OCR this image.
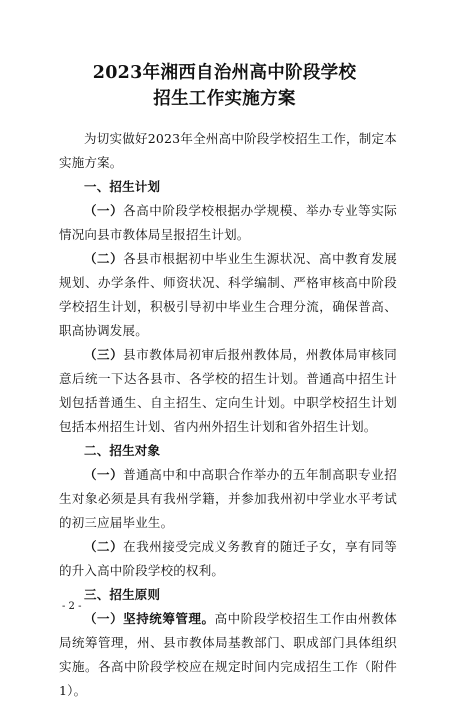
2023年湘西自治州高中阶段学校
招生工作实施方案

为切实做好2023年全州高中阶段学校招生工作，制定本实施方案。

一、招生计划

（一）各高中阶段学校根据办学规模、举办专业等实际情况向县市教体局呈报招生计划。

（二）各县市根据初中毕业生生源状况、高中教育发展规划、办学条件、师资状况、科学编制、严格审核高中阶段学校招生计划，积极引导初中毕业生合理分流，确保普高、职高协调发展。

（三）县市教体局初审后报州教体局，州教体局审核同意后统一下达各县市、各学校的招生计划。普通高中招生计划包括普通生、自主招生、定向生计划。中职学校招生计划包括本州招生计划、省内州外招生计划和省外招生计划。

二、招生对象

（一）普通高中和中高职合作举办的五年制高职专业招生对象必须是具有我州学籍，并参加我州初中学业水平考试的初三应届毕业生。

（二）在我州接受完成义务教育的随迁子女，享有同等的升入高中阶段学校的权利。

三、招生原则

（一）坚持统筹管理。高中阶段学校招生工作由州教体局统筹管理，州、县市教体局基教部门、职成部门具体组织实施。各高中阶段学校应在规定时间内完成招生工作（附件1）。

- 2 -
